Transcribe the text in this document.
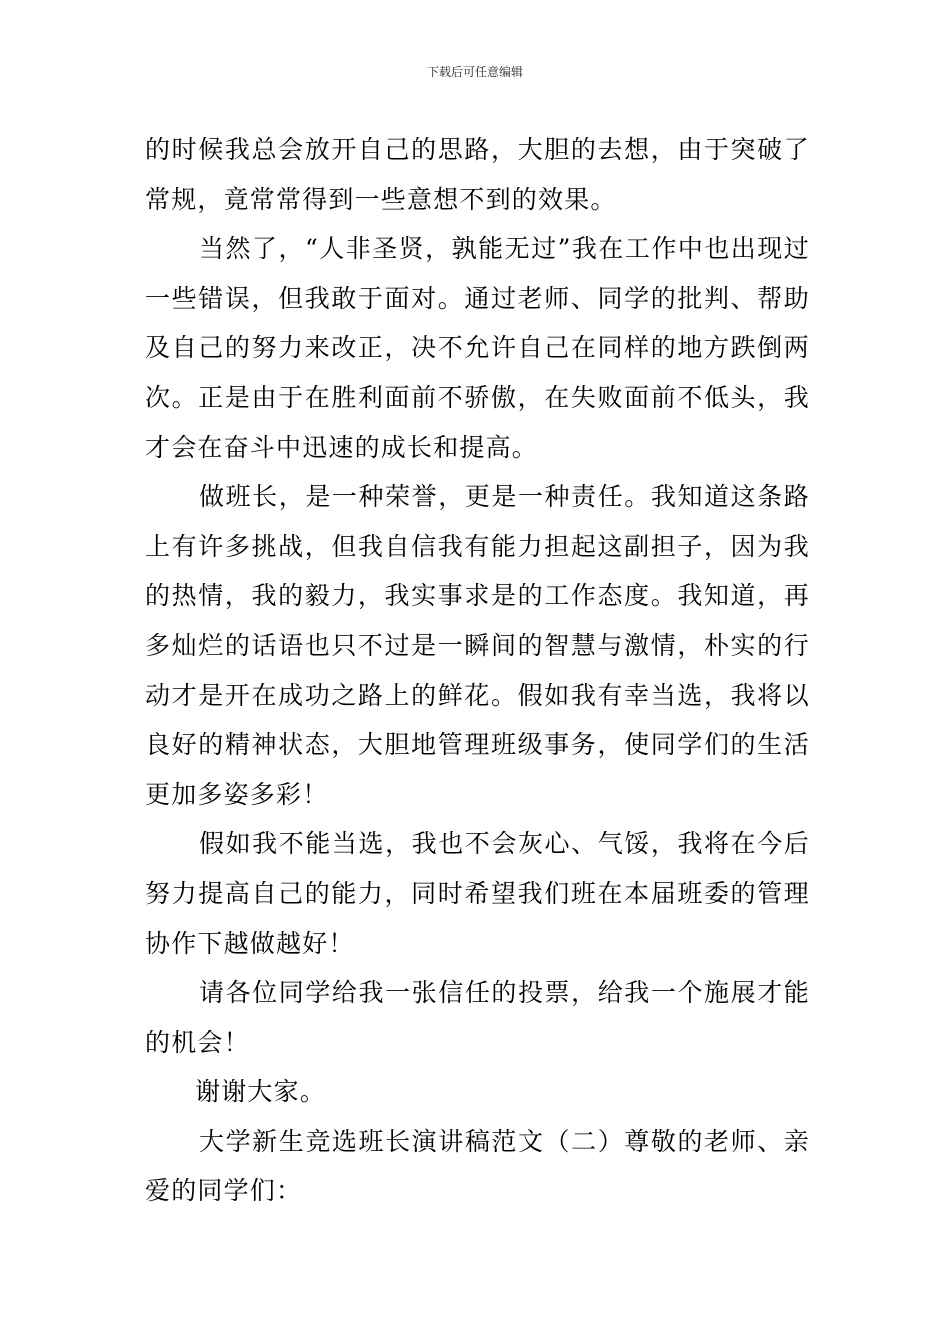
下载后可任意编辑

的时候我总会放开自己的思路，大胆的去想，由于突破了常规，竟常常得到一些意想不到的效果。

当然了，“人非圣贤，孰能无过”我在工作中也出现过一些错误，但我敢于面对。通过老师、同学的批判、帮助及自己的努力来改正，决不允许自己在同样的地方跌倒两次。正是由于在胜利面前不骄傲，在失败面前不低头，我才会在奋斗中迅速的成长和提高。

做班长，是一种荣誉，更是一种责任。我知道这条路上有许多挑战，但我自信我有能力担起这副担子，因为我的热情，我的毅力，我实事求是的工作态度。我知道，再多灿烂的话语也只不过是一瞬间的智慧与激情，朴实的行动才是开在成功之路上的鲜花。假如我有幸当选，我将以良好的精神状态，大胆地管理班级事务，使同学们的生活更加多姿多彩！

假如我不能当选，我也不会灰心、气馁，我将在今后努力提高自己的能力，同时希望我们班在本届班委的管理协作下越做越好！

请各位同学给我一张信任的投票，给我一个施展才能的机会！

谢谢大家。

大学新生竞选班长演讲稿范文（二）尊敬的老师、亲爱的同学们：
